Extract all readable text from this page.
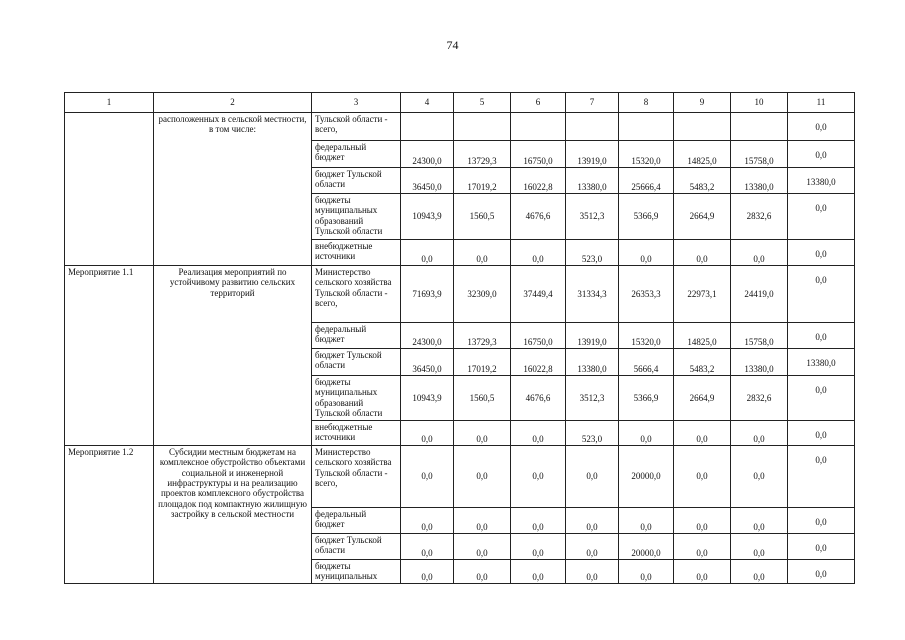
74
1	2	3	4	5	6	7	8	9	10	11
	расположенных в сельской местности, в том числе:	Тульской области - всего,								0,0
		федеральный бюджет	24300,0	13729,3	16750,0	13919,0	15320,0	14825,0	15758,0	0,0
		бюджет Тульской области	36450,0	17019,2	16022,8	13380,0	25666,4	5483,2	13380,0	13380,0
		бюджеты муниципальных образований Тульской области	10943,9	1560,5	4676,6	3512,3	5366,9	2664,9	2832,6	0,0
		внебюджетные источники	0,0	0,0	0,0	523,0	0,0	0,0	0,0	0,0
Мероприятие 1.1	Реализация мероприятий по устойчивому развитию сельских территорий	Министерство сельского хозяйства Тульской области - всего,	71693,9	32309,0	37449,4	31334,3	26353,3	22973,1	24419,0	0,0
		федеральный бюджет	24300,0	13729,3	16750,0	13919,0	15320,0	14825,0	15758,0	0,0
		бюджет Тульской области	36450,0	17019,2	16022,8	13380,0	5666,4	5483,2	13380,0	13380,0
		бюджеты муниципальных образований Тульской области	10943,9	1560,5	4676,6	3512,3	5366,9	2664,9	2832,6	0,0
		внебюджетные источники	0,0	0,0	0,0	523,0	0,0	0,0	0,0	0,0
Мероприятие 1.2	Субсидии местным бюджетам на комплексное обустройство объектами социальной и инженерной инфраструктуры и на реализацию проектов комплексного обустройства площадок под компактную жилищную застройку в сельской местности	Министерство сельского хозяйства Тульской области - всего,	0,0	0,0	0,0	0,0	20000,0	0,0	0,0	0,0
		федеральный бюджет	0,0	0,0	0,0	0,0	0,0	0,0	0,0	0,0
		бюджет Тульской области	0,0	0,0	0,0	0,0	20000,0	0,0	0,0	0,0
		бюджеты муниципальных	0,0	0,0	0,0	0,0	0,0	0,0	0,0	0,0
